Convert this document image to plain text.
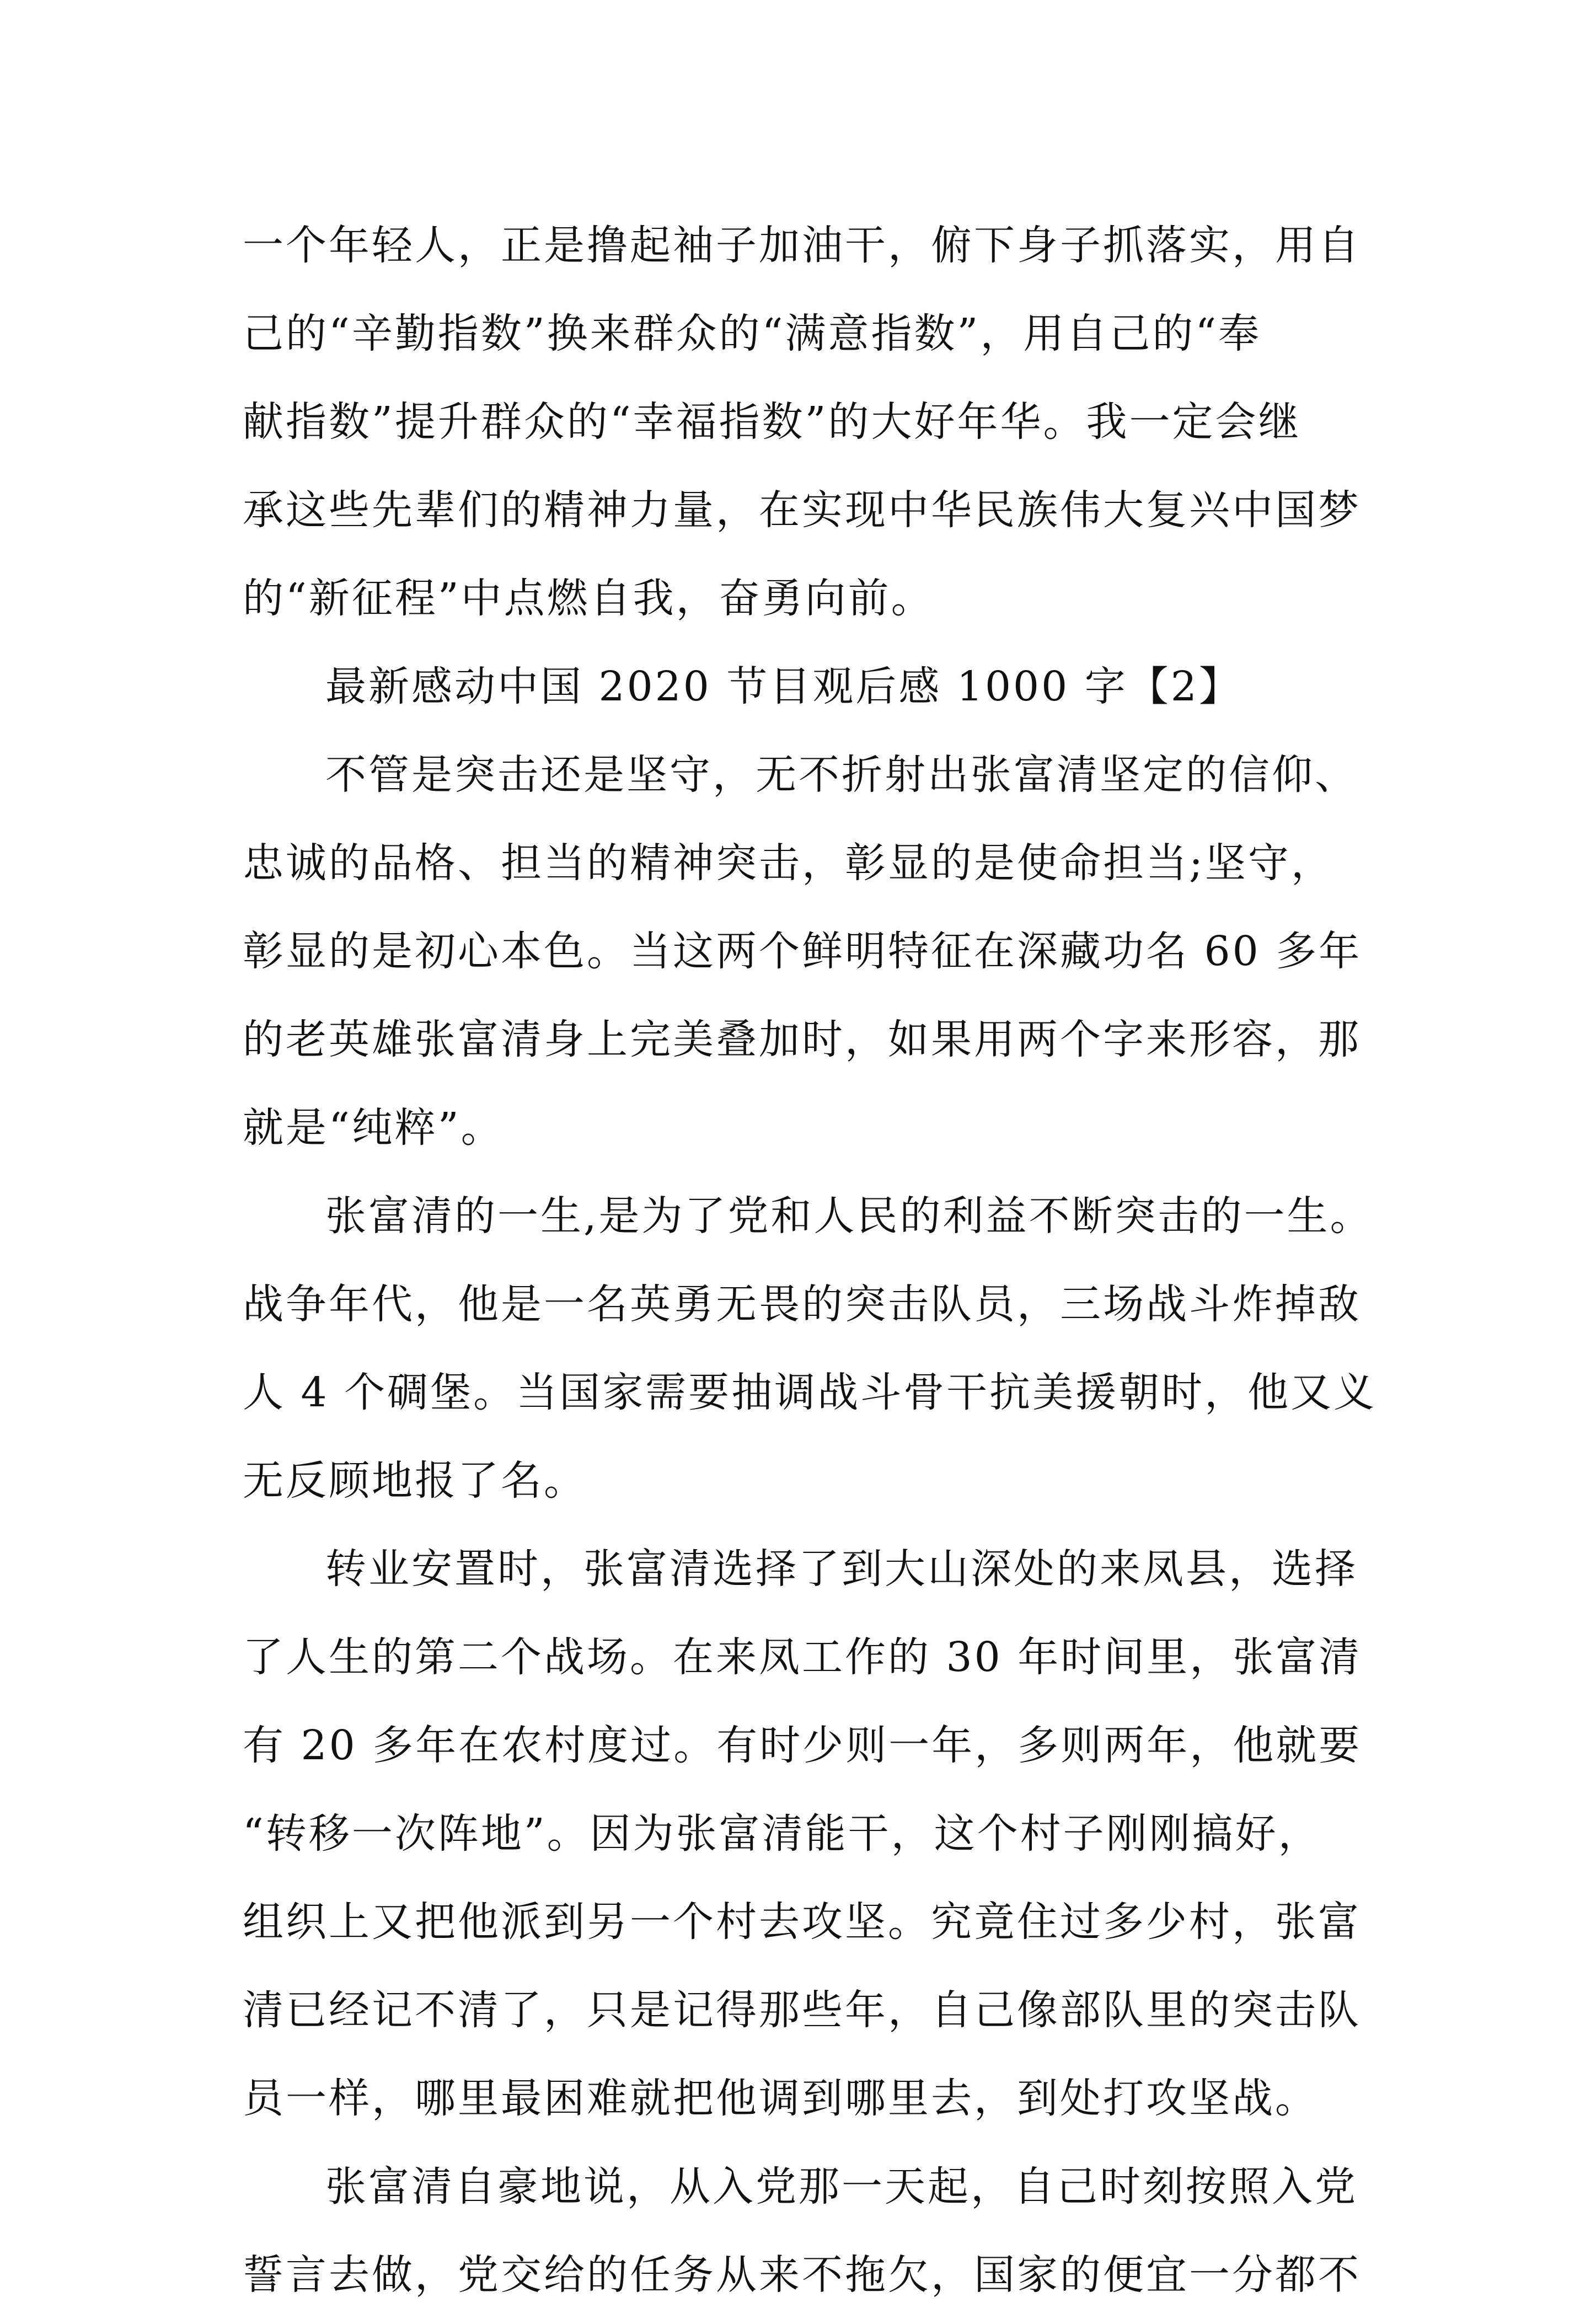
一个年轻人，正是撸起袖子加油干，俯下身子抓落实，用自
己的“辛勤指数”换来群众的“满意指数”，用自己的“奉
献指数”提升群众的“幸福指数”的大好年华。我一定会继
承这些先辈们的精神力量，在实现中华民族伟大复兴中国梦
的“新征程”中点燃自我，奋勇向前。
最新感动中国 2020 节目观后感 1000 字【2】
不管是突击还是坚守，无不折射出张富清坚定的信仰、
忠诚的品格、担当的精神突击，彰显的是使命担当;坚守，
彰显的是初心本色。当这两个鲜明特征在深藏功名 60 多年
的老英雄张富清身上完美叠加时，如果用两个字来形容，那
就是“纯粹”。
张富清的一生,是为了党和人民的利益不断突击的一生。
战争年代，他是一名英勇无畏的突击队员，三场战斗炸掉敌
人 4 个碉堡。当国家需要抽调战斗骨干抗美援朝时，他又义
无反顾地报了名。
转业安置时，张富清选择了到大山深处的来凤县，选择
了人生的第二个战场。在来凤工作的 30 年时间里，张富清
有 20 多年在农村度过。有时少则一年，多则两年，他就要
“转移一次阵地”。因为张富清能干，这个村子刚刚搞好，
组织上又把他派到另一个村去攻坚。究竟住过多少村，张富
清已经记不清了，只是记得那些年，自己像部队里的突击队
员一样，哪里最困难就把他调到哪里去，到处打攻坚战。
张富清自豪地说，从入党那一天起，自己时刻按照入党
誓言去做，党交给的任务从来不拖欠，国家的便宜一分都不
